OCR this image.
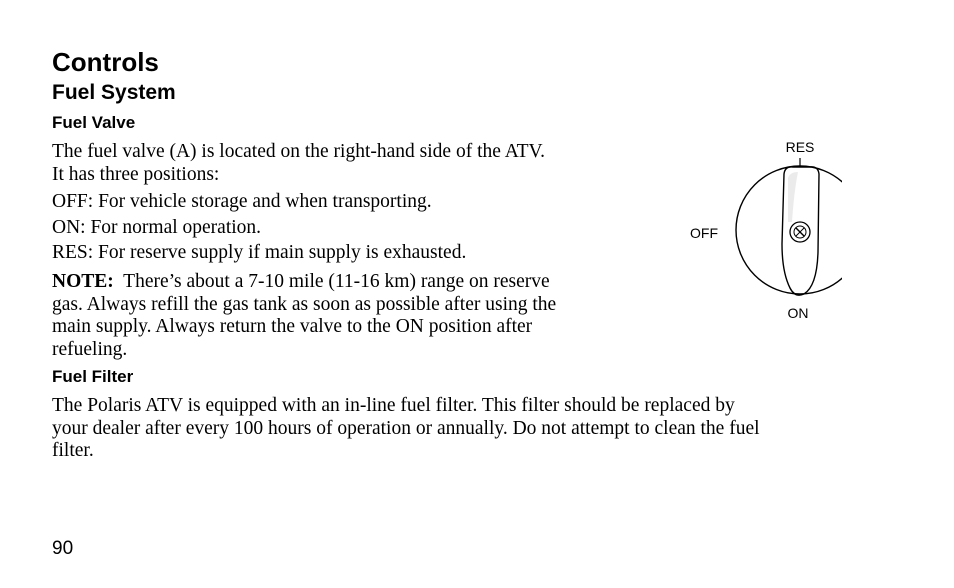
Controls
Fuel System
Fuel Valve
The fuel valve (A) is located on the right-hand side of the ATV.
It has three positions:
OFF: For vehicle storage and when transporting.
ON: For normal operation.
RES: For reserve supply if main supply is exhausted.
NOTE:  There’s about a 7-10 mile (11-16 km) range on reserve
gas. Always refill the gas tank as soon as possible after using the
main supply. Always return the valve to the ON position after
refueling.
RES
OFF
ON
Fuel Filter
The Polaris ATV is equipped with an in-line fuel filter. This filter should be replaced by
your dealer after every 100 hours of operation or annually. Do not attempt to clean the fuel
filter.
90
